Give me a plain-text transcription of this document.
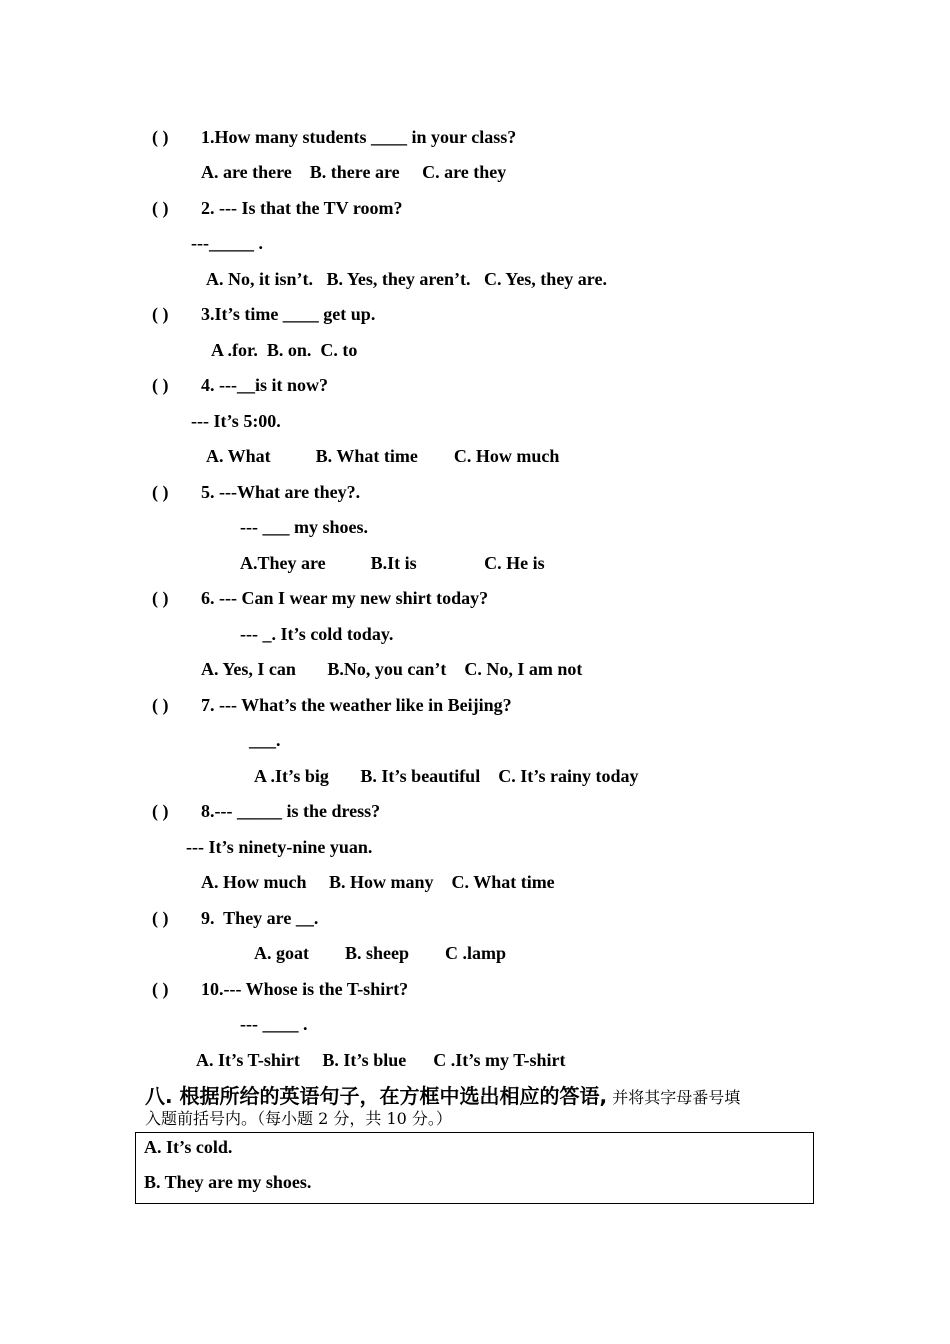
( ) 1.How many students ____ in your class?
A. are there    B. there are     C. are they
( ) 2. --- Is that the TV room?
---_____ .
A. No, it isn’t.   B. Yes, they aren’t.   C. Yes, they are.
( ) 3.It’s time ____ get up.
A .for.  B. on.  C. to
( ) 4. ---__is it now?
--- It’s 5:00.
A. What          B. What time        C. How much
( ) 5. ---What are they?.
--- ___ my shoes.
A.They are          B.It is               C. He is
( ) 6. --- Can I wear my new shirt today?
--- _. It’s cold today.
A. Yes, I can       B.No, you can’t    C. No, I am not
( ) 7. --- What’s the weather like in Beijing?
___.
A .It’s big       B. It’s beautiful    C. It’s rainy today
( ) 8.--- _____ is the dress?
--- It’s ninety-nine yuan.
A. How much     B. How many    C. What time
( ) 9.  They are __.
A. goat        B. sheep        C .lamp
( ) 10.--- Whose is the T-shirt?
--- ____ .
A. It’s T-shirt     B. It’s blue      C .It’s my T-shirt
八. 根据所给的英语句子，在方框中选出相应的答语, 并将其字母番号填
入题前括号内。（每小题 2 分，共 10 分。）
A. It’s cold.
B. They are my shoes.
